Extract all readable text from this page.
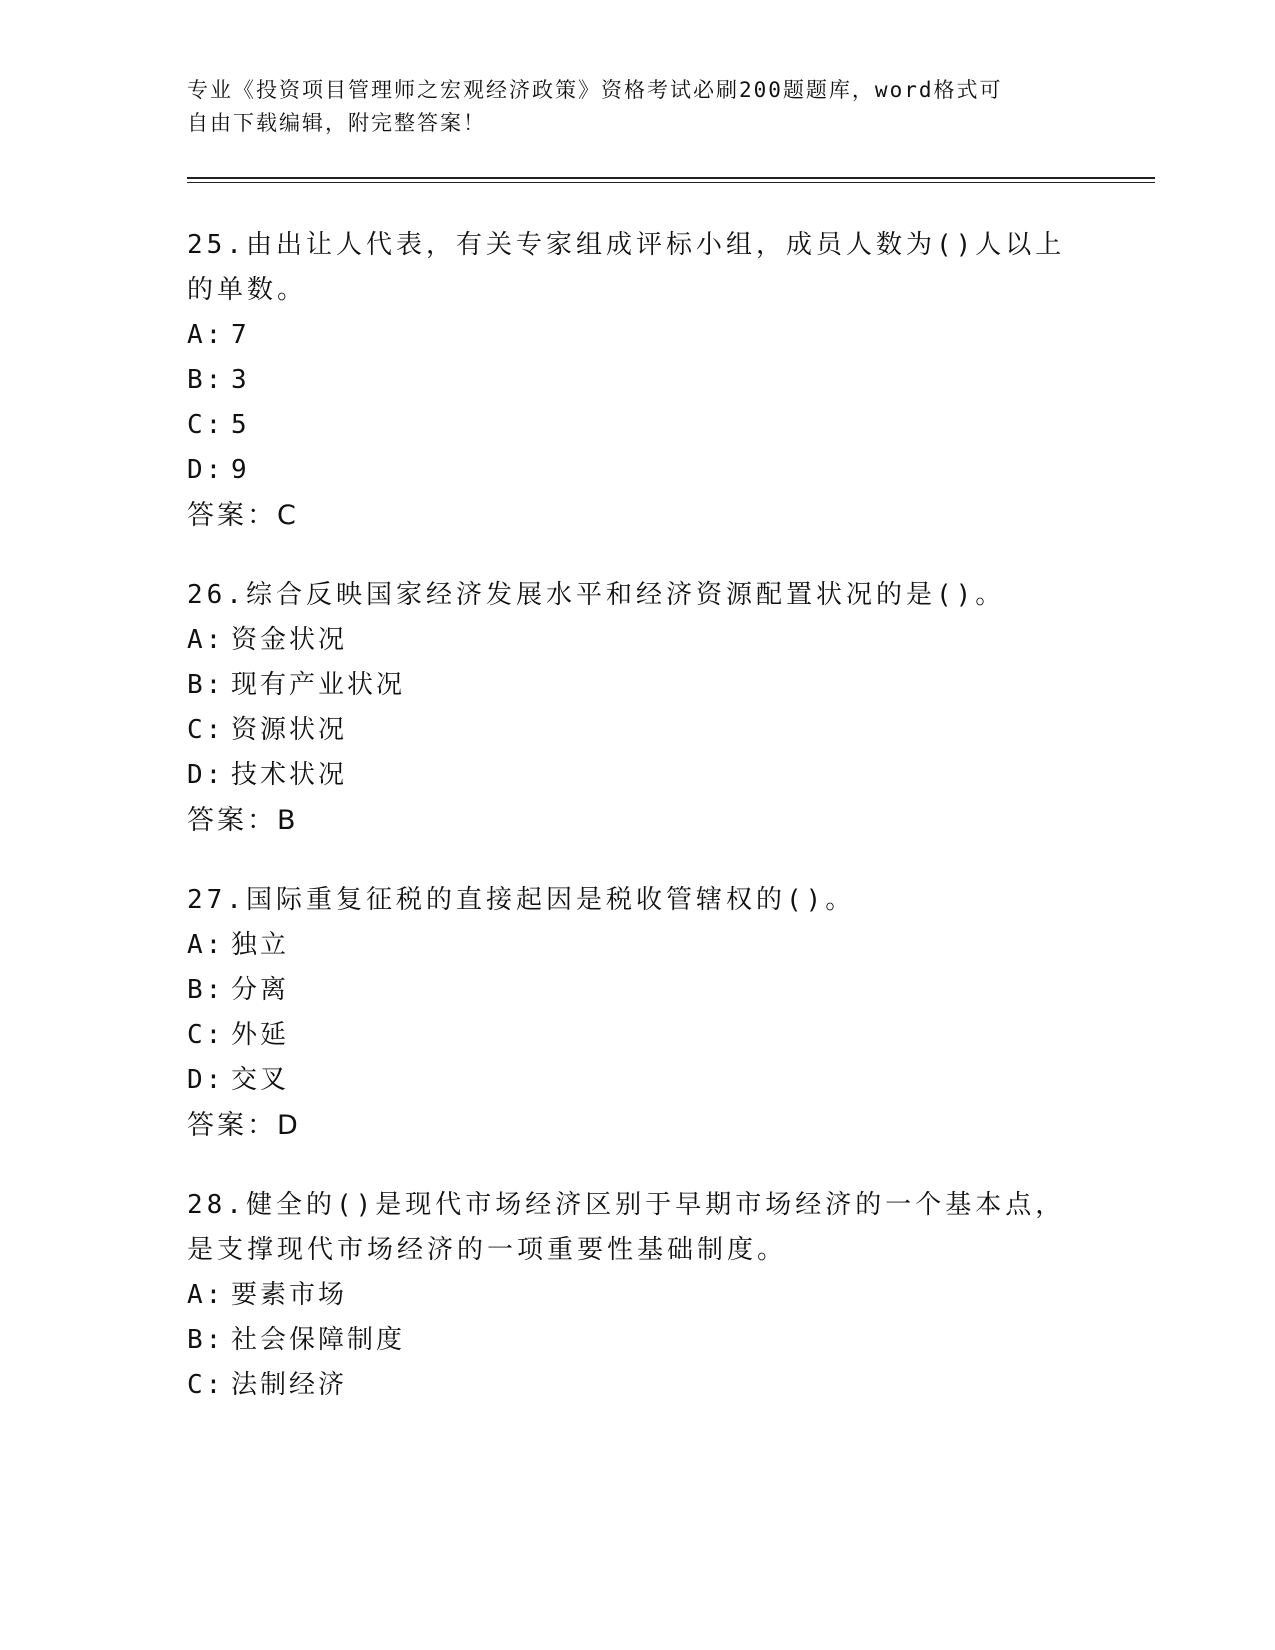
专业《投资项目管理师之宏观经济政策》资格考试必刷200题题库，word格式可
自由下载编辑，附完整答案！

25.由出让人代表，有关专家组成评标小组，成员人数为()人以上的单数。

A: 7

B: 3

C: 5

D: 9

答案：C

26.综合反映国家经济发展水平和经济资源配置状况的是()。

A: 资金状况

B: 现有产业状况

C: 资源状况

D: 技术状况

答案：B

27.国际重复征税的直接起因是税收管辖权的()。

A: 独立

B: 分离

C: 外延

D: 交叉

答案：D

28.健全的()是现代市场经济区别于早期市场经济的一个基本点，是支撑现代市场经济的一项重要性基础制度。

A: 要素市场

B: 社会保障制度

C: 法制经济
